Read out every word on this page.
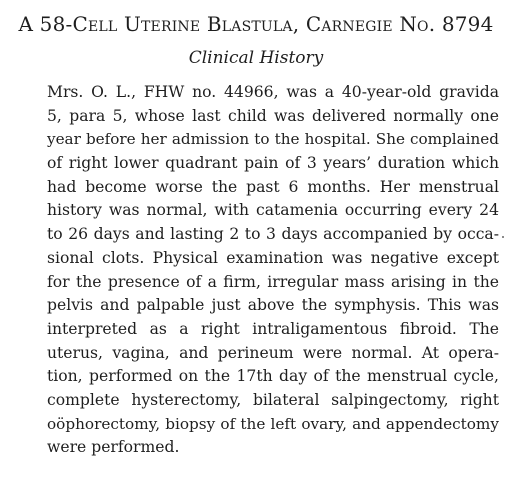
A 58-Cell Uterine Blastula, Carnegie No. 8794
Clinical History
Mrs. O. L., FHW no. 44966, was a 40-year-old gravida
5, para 5, whose last child was delivered normally one
year before her admission to the hospital. She complained
of right lower quadrant pain of 3 years’ duration which
had become worse the past 6 months. Her menstrual
history was normal, with catamenia occurring every 24
to 26 days and lasting 2 to 3 days accompanied by occa-
sional clots. Physical examination was negative except
for the presence of a firm, irregular mass arising in the
pelvis and palpable just above the symphysis. This was
interpreted as a right intraligamentous fibroid. The
uterus, vagina, and perineum were normal. At opera-
tion, performed on the 17th day of the menstrual cycle,
complete hysterectomy, bilateral salpingectomy, right
oöphorectomy, biopsy of the left ovary, and appendectomy
were performed.
